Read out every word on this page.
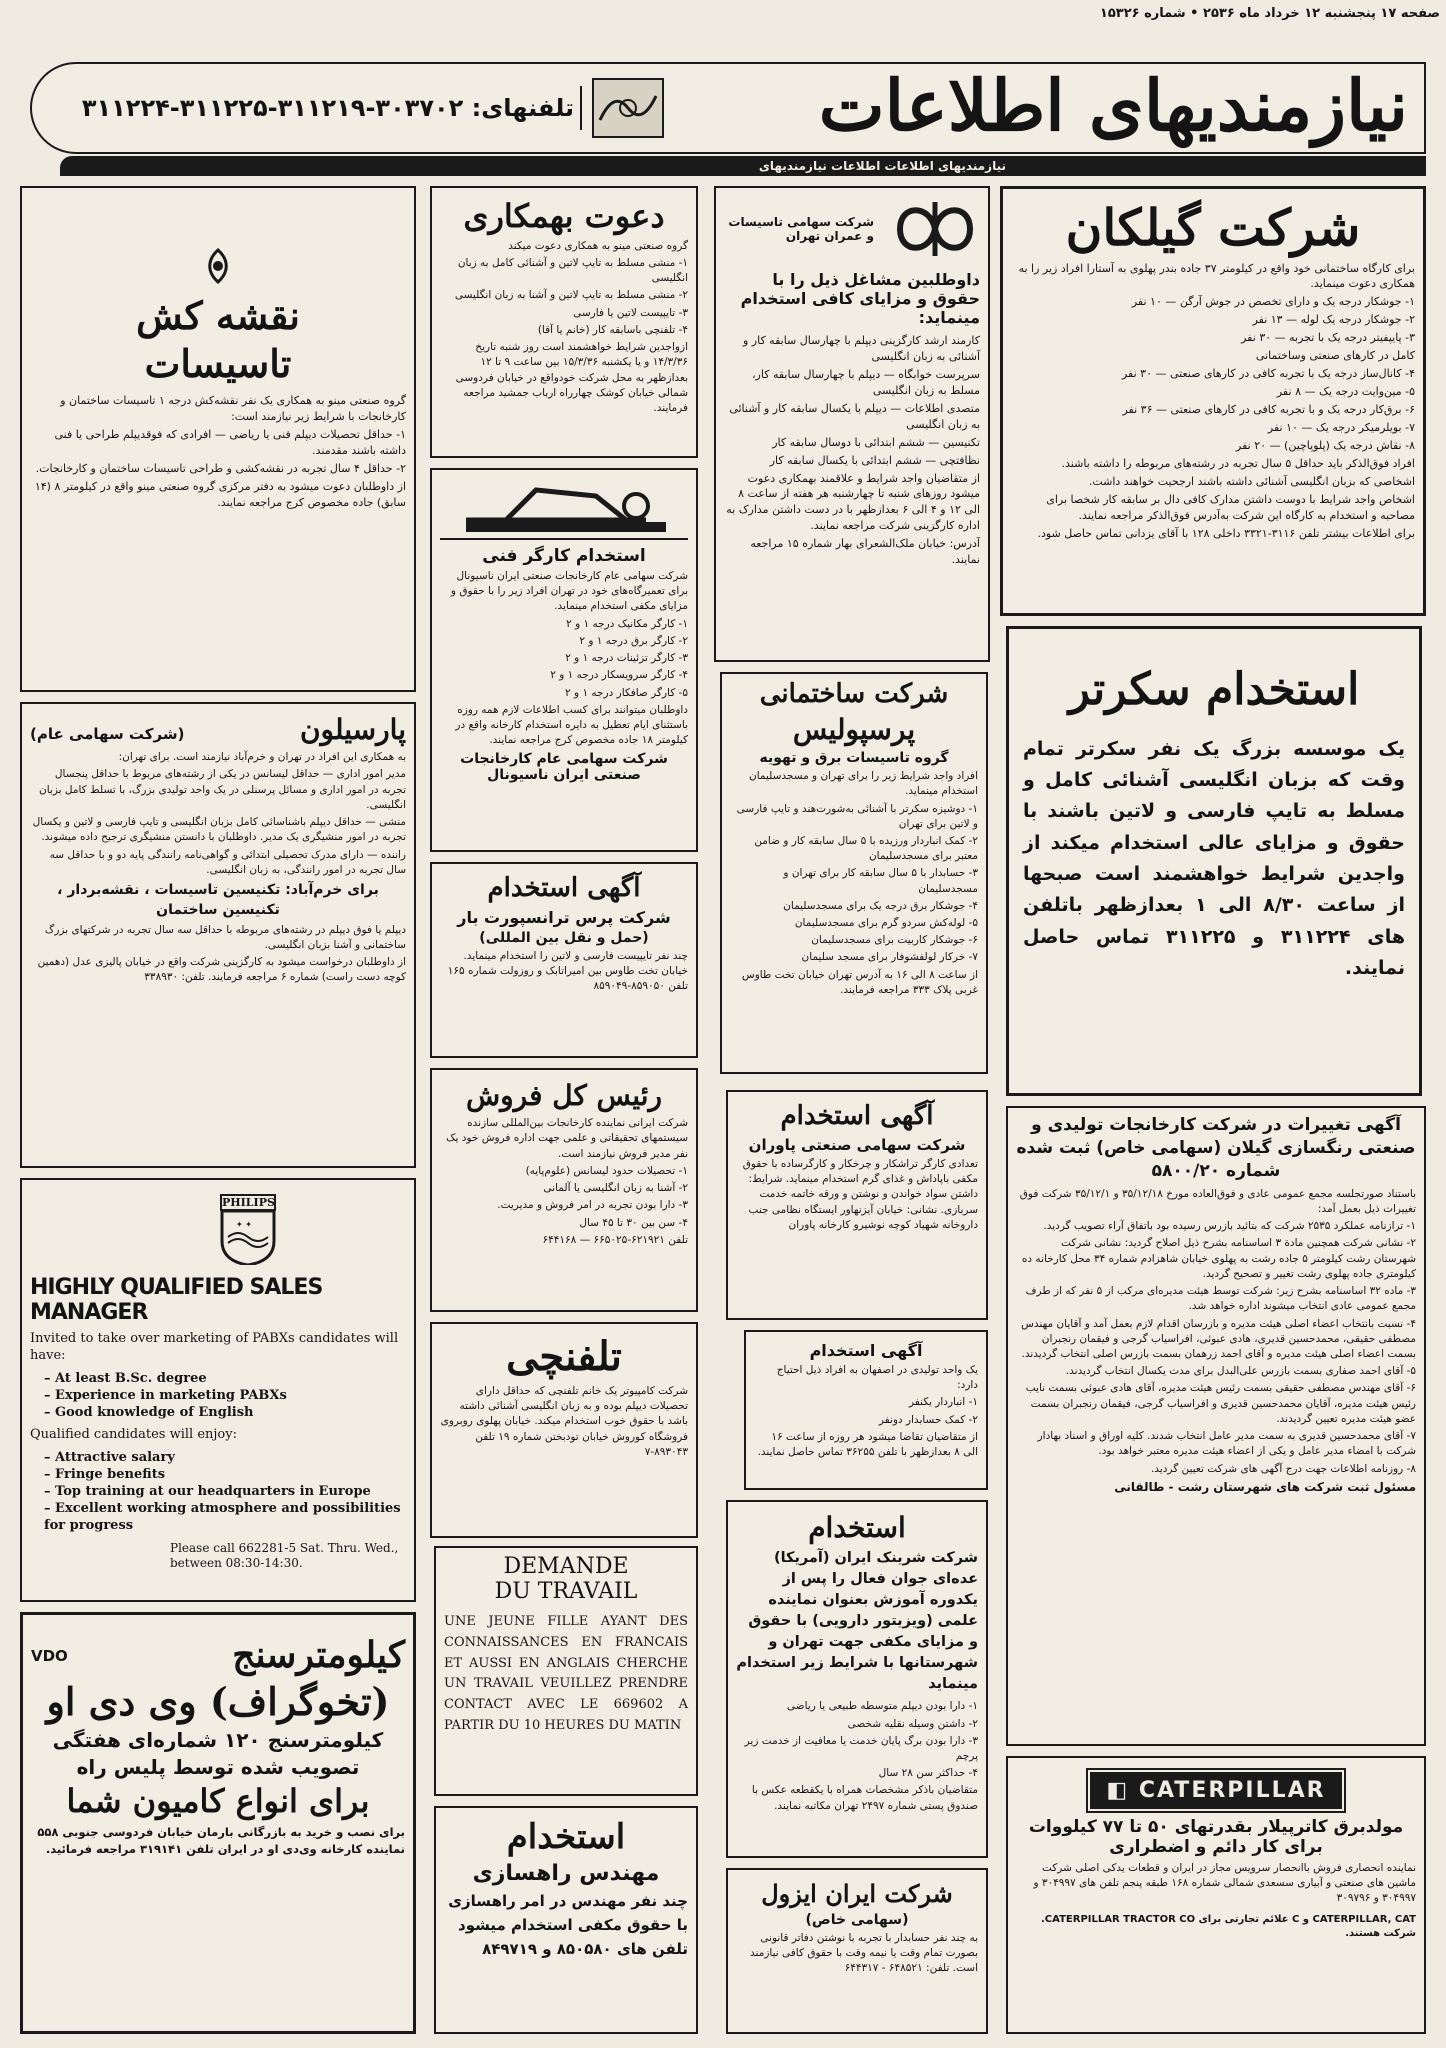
صفحه ۱۷ پنجشنبه ۱۲ خرداد ماه ۲۵۳۶ • شماره ۱۵۳۲۶
نیازمندیهای اطلاعات
تلفنهای: ۳۰۳۷۰۲-۳۱۱۲۱۹-۳۱۱۲۲۵-۳۱۱۲۲۴
نیازمندیهای اطلاعات اطلاعات نیازمندیهای
شرکت گیلکان

برای کارگاه ساختمانی خود واقع در کیلومتر ۳۷ جاده بندر پهلوی به آستارا افراد زیر را به همکاری دعوت مینماید.

۱- جوشکار درجه یک و دارای تخصص در جوش آرگن — ۱۰ نفر

۲- جوشکار درجه یک لوله — ۱۳ نفر

۳- پایپفیتر درجه یک با تجربه — ۳۰ نفر

کامل در کارهای صنعتی وساختمانی

۴- کانال‌ساز درجه یک با تجربه کافی در کارهای صنعتی — ۳۰ نفر

۵- مین‌وایت درجه یک — ۸ نفر

۶- برق‌کار درجه یک و با تجربه کافی در کارهای صنعتی — ۳۶ نفر

۷- بویلرمیکر درجه یک — ۱۰ نفر

۸- نقاش درجه یک (پلوپاچین) — ۲۰ نفر

افراد فوق‌الذکر باید حداقل ۵ سال تجربه در رشته‌های مربوطه را داشته باشند.

اشخاصی که بزبان انگلیسی آشنائی داشته باشند ارجحیت خواهند داشت.

اشخاص واجد شرایط با دوست داشتن مدارک کافی دال بر سابقه کار شخصا برای مصاحبه و استخدام به کارگاه این شرکت به‌آدرس فوق‌الذکر مراجعه نمایند.

برای اطلاعات بیشتر تلفن ۳۱۱۶-۳۳۲۱ داخلی ۱۲۸ با آقای یزدانی تماس حاصل شود.

استخدام سکرتر
یک موسسه بزرگ یک نفر سکرتر تمام وقت که بزبان انگلیسی آشنائی کامل و مسلط به تایپ فارسی و لاتین باشند با حقوق و مزایای عالی استخدام میکند از واجدین شرایط خواهشمند است صبحها از ساعت ۸/۳۰ الی ۱ بعدازظهر باتلفن های ۳۱۱۲۲۴ و ۳۱۱۲۲۵ تماس حاصل نمایند.
آگهی تغییرات در شرکت کارخانجات تولیدی و صنعتی رنگسازی گیلان (سهامی خاص) ثبت شده شماره ۵۸۰۰/۲۰

باستناد صورتجلسه مجمع عمومی عادی و فوق‌العاده مورخ ۳۵/۱۲/۱۸ و ۳۵/۱۲/۱ شرکت فوق تغییرات ذیل بعمل آمد:

۱- ترازنامه عملکرد ۲۵۳۵ شرکت که بتائید بازرس رسیده بود باتفاق آراء تصویب گردید.

۲- نشانی شرکت همچنین مادة ۳ اساسنامه بشرح ذیل اصلاح گردید: نشانی شرکت شهرستان رشت کیلومتر ۵ جاده رشت به پهلوی خیابان شاهزادم شماره ۳۴ محل کارخانه ده کیلومتری جاده پهلوی رشت تغییر و تصحیح گردید.

۳- ماده ۳۲ اساسنامه بشرح زیر: شرکت توسط هیئت مدیره‌ای مرکب از ۵ نفر که از طرف مجمع عمومی عادی انتخاب میشوند اداره خواهد شد.

۴- نسبت بانتخاب اعضاء اصلی هیئت مدیره و بازرسان اقدام لازم بعمل آمد و آقایان مهندس مصطفی حقیقی، محمدحسین قدیری، هادی عبوئی، افراسیاب گرجی و فیقمان رنجبران بسمت اعضاء اصلی هیئت مدیره و آقای احمد زرهمان بسمت بازرس اصلی انتخاب گردیدند.

۵- آقای احمد صفاری بسمت بازرس علی‌البدل برای مدت یکسال انتخاب گردیدند.

۶- آقای مهندس مصطفی حقیقی بسمت رئیس هیئت مدیره، آقای هادی عبوئی بسمت نایب رئیس هیئت مدیره، آقایان محمدحسین قدیری و افراسیاب گرجی، فیقمان رنجبران بسمت عضو هیئت مدیره تعیین گردیدند.

۷- آقای محمدحسین قدیری به سمت مدیر عامل انتخاب شدند. کلیه اوراق و اسناد بهادار شرکت با امضاء مدیر عامل و یکی از اعضاء هیئت مدیره معتبر خواهد بود.

۸- روزنامه اطلاعات جهت درج آگهی های شرکت تعیین گردید.

مسئول ثبت شرکت های شهرستان رشت - طالقانی

◧ CATERPILLAR
مولدبرق کاترپیلار بقدرتهای ۵۰ تا ۷۷ کیلووات
برای کار دائم و اضطراری
نماینده انحصاری فروش باانحصار سرویس مجاز در ایران و قطعات یدکی اصلی شرکت ماشین های صنعتی و آبیاری سسعدی شمالی شماره ۱۶۸ طبقه پنجم تلفن های ۳۰۴۹۹۷ و ۳۰۴۹۹۷ و ۳۰۹۷۹۶
CATERPILLAR, CAT و C علائم تجارتی برای CATERPILLAR TRACTOR CO. شرکت هستند.
شرکت سهامی تاسیسات و عمران تهران
داوطلبین مشاغل ذیل را با حقوق و مزایای کافی استخدام مینماید:

کارمند ارشد کارگزینی دیپلم با چهارسال سابقه کار و آشنائی به زبان انگلیسی

سرپرست خوابگاه — دیپلم با چهارسال سابقه کار، مسلط به زبان انگلیسی

متصدی اطلاعات — دیپلم با یکسال سابقه کار و آشنائی به زبان انگلیسی

تکنیسین — ششم ابتدائی با دوسال سابقه کار

نظافتچی — ششم ابتدائی با یکسال سابقه کار

از متقاضیان واجد شرایط و علاقمند بهمکاری دعوت میشود روزهای شنبه تا چهارشنبه هر هفته از ساعت ۸ الی ۱۲ و ۴ الی ۶ بعدازظهر با در دست داشتن مدارک به اداره کارگزینی شرکت مراجعه نمایند.

آدرس: خیابان ملک‌الشعرای بهار شماره ۱۵ مراجعه نمایند.

شرکت ساختمانی
پرسپولیس
گروه تاسیسات برق و تهویه

افراد واجد شرایط زیر را برای تهران و مسجدسلیمان استخدام مینماید.

۱- دوشیزه سکرتر با آشنائی به‌شورت‌هند و تایپ فارسی و لاتین برای تهران

۲- کمک انباردار ورزیده با ۵ سال سابقه کار و ضامن معتبر برای مسجدسلیمان

۳- حسابدار با ۵ سال سابقه کار برای تهران و مسجدسلیمان

۴- جوشکار برق درجه یک برای مسجدسلیمان

۵- لوله‌کش سردو گرم برای مسجدسلیمان

۶- جوشکار کاربیت برای مسجدسلیمان

۷- خرکار لولفشوفار برای مسجد سلیمان

از ساعت ۸ الی ۱۶ به آدرس تهران خیابان تخت طاوس غربی پلاک ۳۳۳ مراجعه فرمایند.

آگهی استخدام
شرکت سهامی صنعتی پاوران
تعدادی کارگر تراشکار و چرخکار و کارگرساده با حقوق مکفی باپاداش و غذای گرم استخدام مینماید. شرایط: داشتن سواد خواندن و نوشتن و ورقه خاتمه خدمت سربازی. نشانی: خیابان آیزنهاور ایستگاه نظامی جنب داروخانه شهیاد کوچه نوشیرو کارخانه پاوران
آگهی استخدام

یک واحد تولیدی در اصفهان به افراد ذیل احتیاج دارد:

۱- انباردار یکنفر

۲- کمک حسابدار دونفر

از متقاضیان تقاضا میشود هر روزه از ساعت ۱۶ الی ۸ بعدازظهر با تلفن ۳۶۲۵۵ تماس حاصل نمایند.

استخدام
شرکت شرینک ایران (آمریکا) عده‌ای جوان فعال را پس از یکدوره آموزش بعنوان نماینده علمی (ویزیتور دارویی) با حقوق و مزایای مکفی جهت تهران و شهرستانها با شرایط زیر استخدام مینماید

۱- دارا بودن دیپلم متوسطه طبیعی یا ریاضی

۲- داشتن وسیله نقلیه شخصی

۳- دارا بودن برگ پایان خدمت یا معافیت از خدمت زیر پرچم

۴- حداکثر سن ۲۸ سال

متقاضیان باذکر مشخصات همراه با یکقطعه عکس با صندوق پستی شماره ۲۴۹۷ تهران مکاتبه نمایند.

شرکت ایران ایزول
(سهامی خاص)
به چند نفر حسابدار با تجربه با نوشتن دفاتر قانونی بصورت تمام وقت یا نیمه وقت با حقوق کافی نیازمند است. تلفن: ۶۴۸۵۲۱ - ۶۴۴۳۱۷
دعوت بهمکاری

گروه صنعتی مینو به همکاری دعوت میکند

۱- منشی مسلط به تایپ لاتین و آشنائی کامل به زبان انگلیسی

۲- منشی مسلط به تایپ لاتین و آشنا به زبان انگلیسی

۳- تایپیست لاتین یا فارسی

۴- تلفنچی باسابقه کار (خانم یا آقا)

ازواجدین شرایط خواهشمند است روز شنبه تاریخ ۱۴/۳/۳۶ و یا یکشنبه ۱۵/۳/۳۶ بین ساعت ۹ تا ۱۲ بعدازظهر به محل شرکت خودواقع در خیابان فردوسی شمالی خیابان کوشک چهارراه ارباب جمشید مراجعه فرمایند.

استخدام کارگر فنی

شرکت سهامی عام کارخانجات صنعتی ایران ناسیونال برای تعمیرگاه‌های خود در تهران افراد زیر را با حقوق و مزایای مکفی استخدام مینماید.

۱- کارگر مکانیک درجه ۱ و ۲

۲- کارگر برق درجه ۱ و ۲

۳- کارگر تزئینات درجه ۱ و ۲

۴- کارگر سرویسکار درجه ۱ و ۲

۵- کارگر صافکار درجه ۱ و ۲

داوطلبان میتوانند برای کسب اطلاعات لازم همه روزه باستثنای ایام تعطیل به دایره استخدام کارخانه واقع در کیلومتر ۱۸ جاده مخصوص کرج مراجعه نمایند.

شرکت سهامی عام کارخانجات صنعتی ایران ناسیونال
آگهی استخدام
شرکت پرس ترانسپورت بار
(حمل و نقل بین المللی)
چند نفر تایپیست فارسی و لاتین را استخدام مینماید. خیابان تخت طاوس بین امیراتابک و روزولت شماره ۱۶۵ تلفن ۸۵۹۰۵۰-۸۵۹۰۴۹
رئیس کل فروش

شرکت ایرانی نماینده کارخانجات بین‌المللی سازنده سیستمهای تحقیقاتی و علمی جهت اداره فروش خود یک نفر مدیر فروش نیازمند است.

۱- تحصیلات حدود لیسانس (علوم‌پایه)

۲- آشنا به زبان انگلیسی یا آلمانی

۳- دارا بودن تجربه در امر فروش و مدیریت.

۴- سن بین ۳۰ تا ۴۵ سال

تلفن ۶۲۱۹۲۱-۶۶۵۰۲۵ — ۶۴۴۱۶۸

تلفنچی
شرکت کامپیوتر یک خانم تلفنچی که حداقل دارای تحصیلات دیپلم بوده و به زبان انگلیسی آشنائی داشته باشد با حقوق خوب استخدام میکند. خیابان پهلوی روبروی فروشگاه کوروش خیابان تودبختن شماره ۱۹ تلفن ۸۹۳۰۴۳-۷
DEMANDE
DU TRAVAIL
UNE JEUNE FILLE AYANT DES CONNAISSANCES EN FRANCAIS ET AUSSI EN ANGLAIS CHERCHE UN TRAVAIL VEUILLEZ PRENDRE CONTACT AVEC LE 669602 A PARTIR DU 10 HEURES DU MATIN
استخدام
مهندس راهسازی
چند نفر مهندس در امر راهسازی با حقوق مکفی استخدام میشود تلفن های ۸۵۰۵۸۰ و ۸۴۹۷۱۹
نقشه کش
تاسیسات

گروه صنعتی مینو به همکاری یک نفر نقشه‌کش درجه ۱ تاسیسات ساختمان و کارخانجات با شرایط زیر نیازمند است:

۱- حداقل تحصیلات دیپلم فنی یا ریاضی — افرادی که فوقدیپلم طراحی یا فنی داشته باشند مقدمند.

۲- حداقل ۴ سال تجربه در نقشه‌کشی و طراحی تاسیسات ساختمان و کارخانجات.

از داوطلبان دعوت میشود به دفتر مرکزی گروه صنعتی مینو واقع در کیلومتر ۸ (۱۴ سابق) جاده مخصوص کرج مراجعه نمایند.

پارسیلون
(شرکت سهامی عام)

به همکاری این افراد در تهران و خرم‌آباد نیازمند است. برای تهران:

مدیر امور اداری — حداقل لیسانس در یکی از رشته‌های مربوط با حداقل پنجسال تجربه در امور اداری و مسائل پرسنلی در یک واحد تولیدی بزرگ، با تسلط کامل بزبان انگلیسی.

منشی — حداقل دیپلم باشناسائی کامل بزبان انگلیسی و تایپ فارسی و لاتین و یکسال تجربه در امور منشیگری یک مدیر. داوطلبان با دانستن منشیگری ترجیح داده میشوند.

راننده — دارای مدرک تحصیلی ابتدائی و گواهی‌نامه رانندگی پایه دو و با حداقل سه سال تجربه در امور رانندگی، به زبان انگلیسی.

برای خرم‌آباد: تکنیسین تاسیسات ، نقشه‌بردار ، تکنیسین ساختمان

دیپلم یا فوق دیپلم در رشته‌های مربوطه با حداقل سه سال تجربه در شرکتهای بزرگ ساختمانی و آشنا بزبان انگلیسی.

از داوطلبان درخواست میشود به کارگزینی شرکت واقع در خیابان پالیزی عدل (دهمین کوچه دست راست) شماره ۶ مراجعه فرمایند. تلفن: ۳۳۸۹۳۰

PHILIPS
✦ ✦
HIGHLY QUALIFIED SALES MANAGER
Invited to take over marketing of PABXs candidates will have:
– At least B.Sc. degree
– Experience in marketing PABXs
– Good knowledge of English
Qualified candidates will enjoy:
– Attractive salary
– Fringe benefits
– Top training at our headquarters in Europe
– Excellent working atmosphere and possibilities for progress
Please call 662281-5 Sat. Thru. Wed., between 08:30-14:30.
کیلومترسنج
VDO
(تخوگراف) وی دی او
کیلومترسنج ۱۲۰ شماره‌ای هفتگی
تصویب شده توسط پلیس راه
برای انواع کامیون شما
برای نصب و خرید به بازرگانی بارمان خیابان فردوسی جنوبی ۵۵۸ نماینده کارخانه وی‌دی او در ایران تلفن ۳۱۹۱۴۱ مراجعه فرمائید.
